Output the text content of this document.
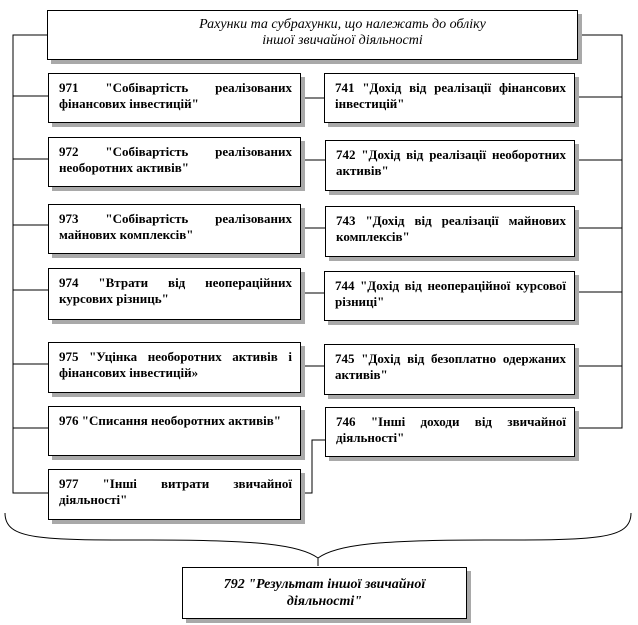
Рахунки та субрахунки, що належать до обліку
іншої звичайної діяльності
971 "Собівартість реалізованих фінансових інвестицій"
972 "Собівартість реалізованих необоротних активів"
973 "Собівартість реалізованих майнових комплексів"
974 "Втрати від неопераційних курсових різниць"
975 "Уцінка необоротних активів і фінансових інвестицій»
976 "Списання необоротних активів"
977 "Інші витрати звичайної діяльності"
741 "Дохід від реалізації фінансових інвестицій"
742 "Дохід від реалізації необоротних активів"
743 "Дохід від реалізації майнових комплексів"
744 "Дохід від неопераційної курсової різниці"
745 "Дохід від безоплатно одержаних активів"
746 "Інші доходи від звичайної діяльності"
792 "Результат іншої звичайної діяльності"
